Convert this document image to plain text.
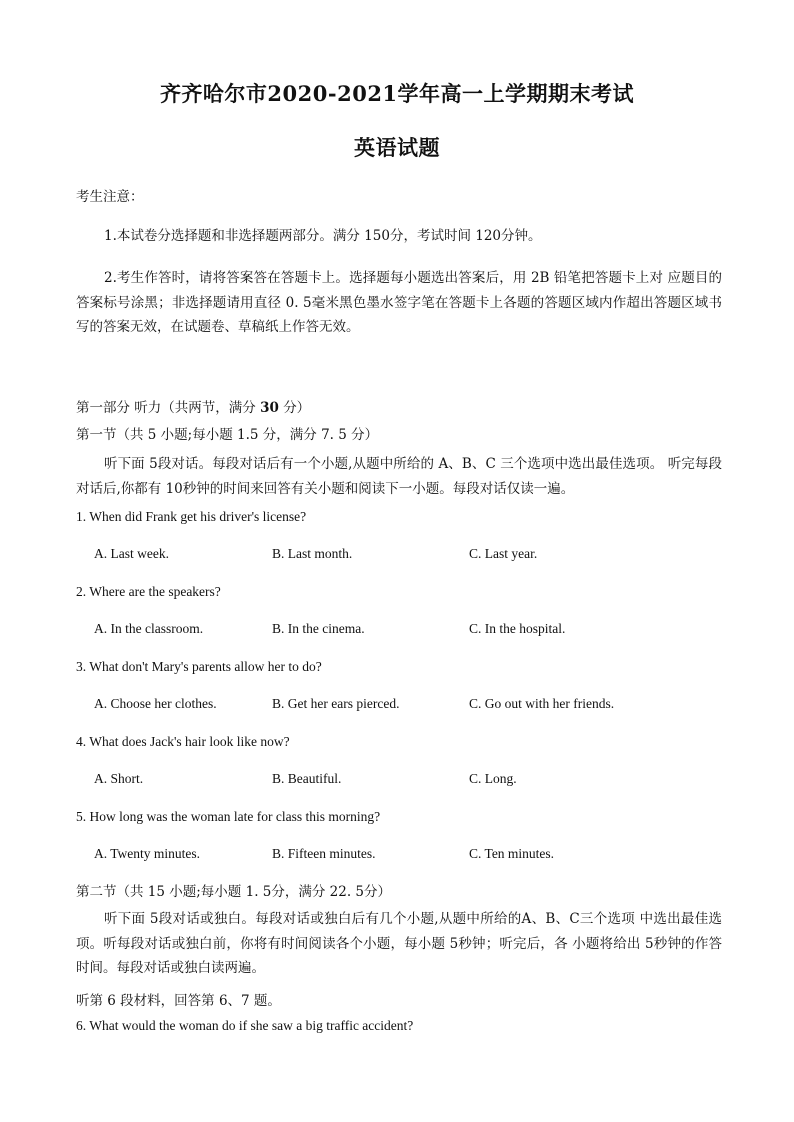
齐齐哈尔市2020-2021学年高一上学期期末考试
英语试题
考生注意：
1.本试卷分选择题和非选择题两部分。满分 150分，考试时间 120分钟。
2.考生作答时，请将答案答在答题卡上。选择题每小题选出答案后，用 2B 铅笔把答题卡上对 应题目的答案标号涂黑；非选择题请用直径 0. 5毫米黑色墨水签字笔在答题卡上各题的答题区域内作超出答题区域书写的答案无效，在试题卷、草稿纸上作答无效。
第一部分 听力（共两节，满分 30 分）
第一节（共 5 小题;每小题 1.5 分，满分 7. 5 分）
听下面 5段对话。每段对话后有一个小题,从题中所给的 A、B、C 三个选项中选出最佳选项。 听完每段对话后,你都有 10秒钟的时间来回答有关小题和阅读下一小题。每段对话仅读一遍。
1. When did Frank get his driver's license?
A. Last week.	B. Last month.	C. Last year.
2. Where are the speakers?
A. In the classroom.	B. In the cinema.	C. In the hospital.
3. What don't Mary's parents allow her to do?
A. Choose her clothes.	B. Get her ears pierced.	C. Go out with her friends.
4. What does Jack's hair look like now?
A. Short.	B. Beautiful.	C. Long.
5. How long was the woman late for class this morning?
A. Twenty minutes.	B. Fifteen minutes.	C. Ten minutes.
第二节（共 15 小题;每小题 1. 5分，满分 22. 5分）
听下面 5段对话或独白。每段对话或独白后有几个小题,从题中所给的A、B、C三个选项 中选出最佳选项。听每段对话或独白前，你将有时间阅读各个小题，每小题 5秒钟；听完后，各 小题将给出 5秒钟的作答时间。每段对话或独白读两遍。
听第 6 段材料，回答第 6、7 题。
6. What would the woman do if she saw a big traffic accident?
